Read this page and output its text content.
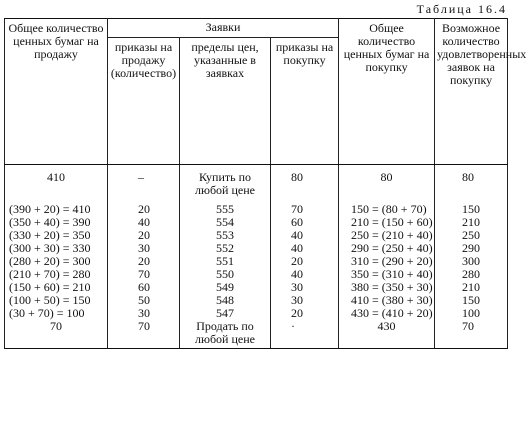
Таблица 16.4
Общее количество ценных бумаг на продажу	Заявки			Общее количество ценных бумаг на покупку	Возможное количество удовлетворенных заявок на покупку
	приказы на продажу (количество)	пределы цен, указанные в заявках	приказы на покупку		
410	–	Купить по любой цене	80	80	80
(390 + 20) = 410	20	555	70	150 = (80 + 70)	150
(350 + 40) = 390	40	554	60	210 = (150 + 60)	210
(330 + 20) = 350	20	553	40	250 = (210 + 40)	250
(300 + 30) = 330	30	552	40	290 = (250 + 40)	290
(280 + 20) = 300	20	551	20	310 = (290 + 20)	300
(210 + 70) = 280	70	550	40	350 = (310 + 40)	280
(150 + 60) = 210	60	549	30	380 = (350 + 30)	210
(100 + 50) = 150	50	548	30	410 = (380 + 30)	150
(30 + 70) = 100	30	547	20	430 = (410 + 20)	100
70	70	Продать по любой цене	·	430	70
